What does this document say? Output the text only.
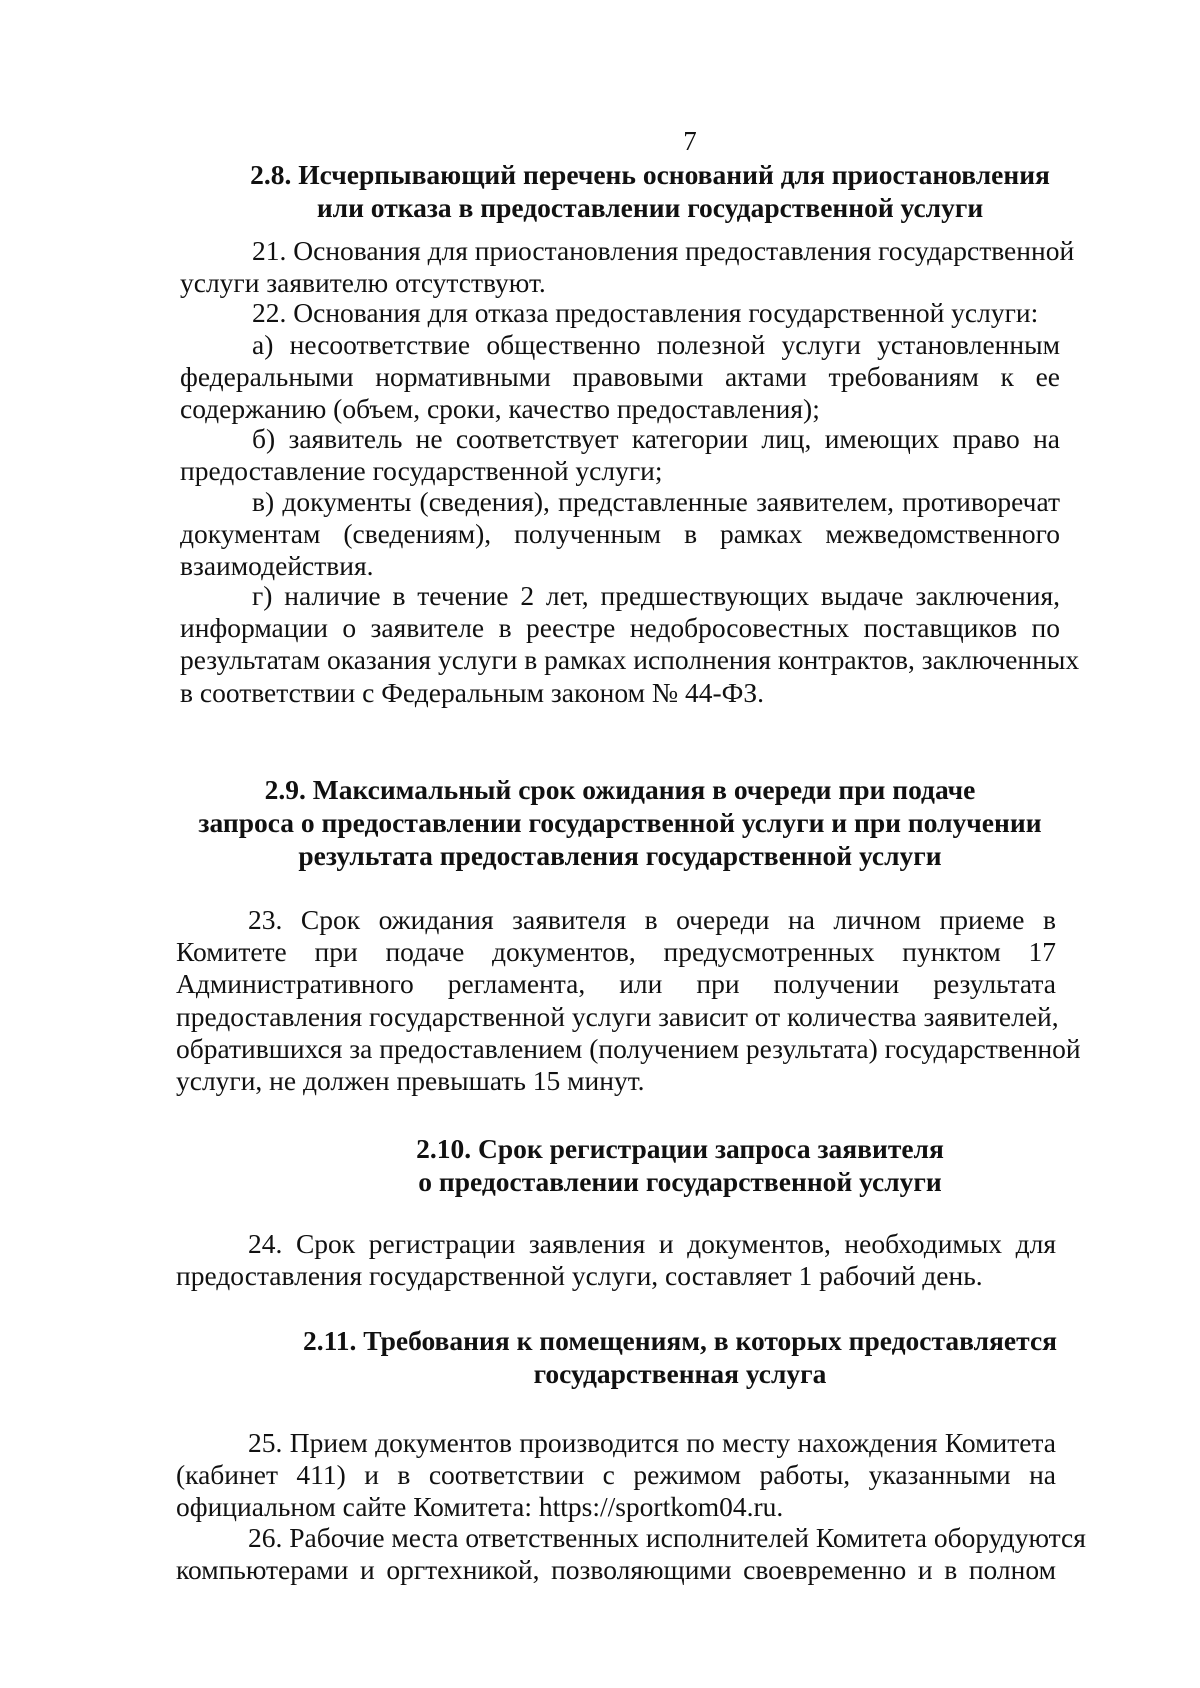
7
2.8. Исчерпывающий перечень оснований для приостановления
или отказа в предоставлении государственной услуги
21. Основания для приостановления предоставления государственной
услуги заявителю отсутствуют.
22. Основания для отказа предоставления государственной услуги:
а) несоответствие общественно полезной услуги установленным
федеральными нормативными правовыми актами требованиям к ее
содержанию (объем, сроки, качество предоставления);
б) заявитель не соответствует категории лиц, имеющих право на
предоставление государственной услуги;
в) документы (сведения), представленные заявителем, противоречат
документам (сведениям), полученным в рамках межведомственного
взаимодействия.
г) наличие в течение 2 лет, предшествующих выдаче заключения,
информации о заявителе в реестре недобросовестных поставщиков по
результатам оказания услуги в рамках исполнения контрактов, заключенных
в соответствии с Федеральным законом № 44-ФЗ.
2.9. Максимальный срок ожидания в очереди при подаче
запроса о предоставлении государственной услуги и при получении
результата предоставления государственной услуги
23. Срок ожидания заявителя в очереди на личном приеме в
Комитете при подаче документов, предусмотренных пунктом 17
Административного регламента, или при получении результата
предоставления государственной услуги зависит от количества заявителей,
обратившихся за предоставлением (получением результата) государственной
услуги, не должен превышать 15 минут.
2.10. Срок регистрации запроса заявителя
о предоставлении государственной услуги
24. Срок регистрации заявления и документов, необходимых для
предоставления государственной услуги, составляет 1 рабочий день.
2.11. Требования к помещениям, в которых предоставляется
государственная услуга
25. Прием документов производится по месту нахождения Комитета
(кабинет 411) и в соответствии с режимом работы, указанными на
официальном сайте Комитета: https://sportkom04.ru.
26. Рабочие места ответственных исполнителей Комитета оборудуются
компьютерами и оргтехникой, позволяющими своевременно и в полном
